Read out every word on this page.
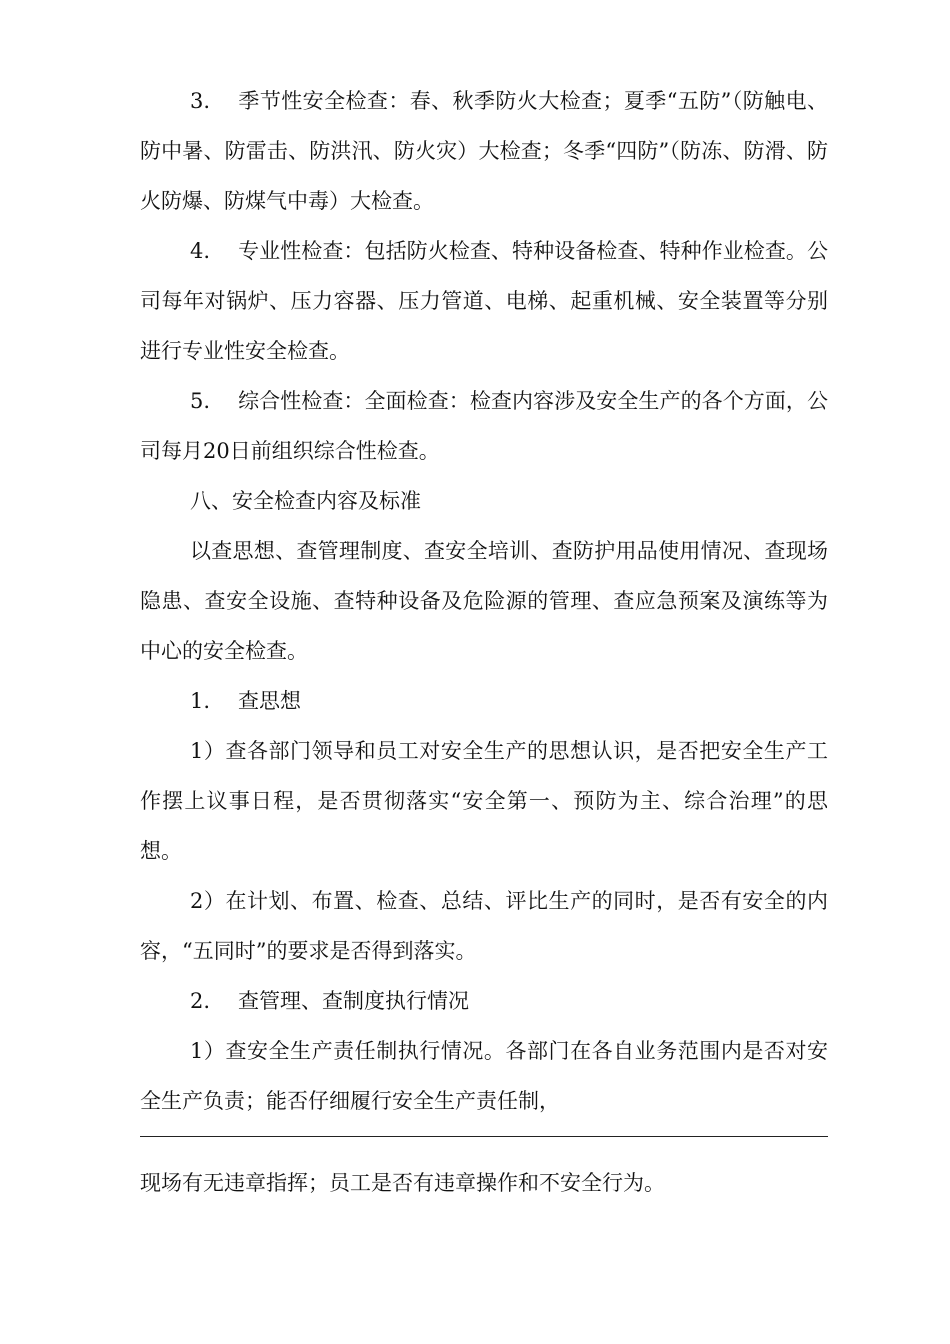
3. 季节性安全检查：春、秋季防火大检查；夏季“五防”（防触电、防中暑、防雷击、防洪汛、防火灾）大检查；冬季“四防”（防冻、防滑、防火防爆、防煤气中毒）大检查。

4. 专业性检查：包括防火检查、特种设备检查、特种作业检查。公司每年对锅炉、压力容器、压力管道、电梯、起重机械、安全装置等分别进行专业性安全检查。

5. 综合性检查：全面检查：检查内容涉及安全生产的各个方面，公司每月20日前组织综合性检查。

八、安全检查内容及标准

以查思想、查管理制度、查安全培训、查防护用品使用情况、查现场隐患、查安全设施、查特种设备及危险源的管理、查应急预案及演练等为中心的安全检查。

1. 查思想

1）查各部门领导和员工对安全生产的思想认识，是否把安全生产工作摆上议事日程，是否贯彻落实“安全第一、预防为主、综合治理”的思想。

2）在计划、布置、检查、总结、评比生产的同时，是否有安全的内容，“五同时”的要求是否得到落实。

2. 查管理、查制度执行情况

1）查安全生产责任制执行情况。各部门在各自业务范围内是否对安全生产负责；能否仔细履行安全生产责任制，

现场有无违章指挥；员工是否有违章操作和不安全行为。
